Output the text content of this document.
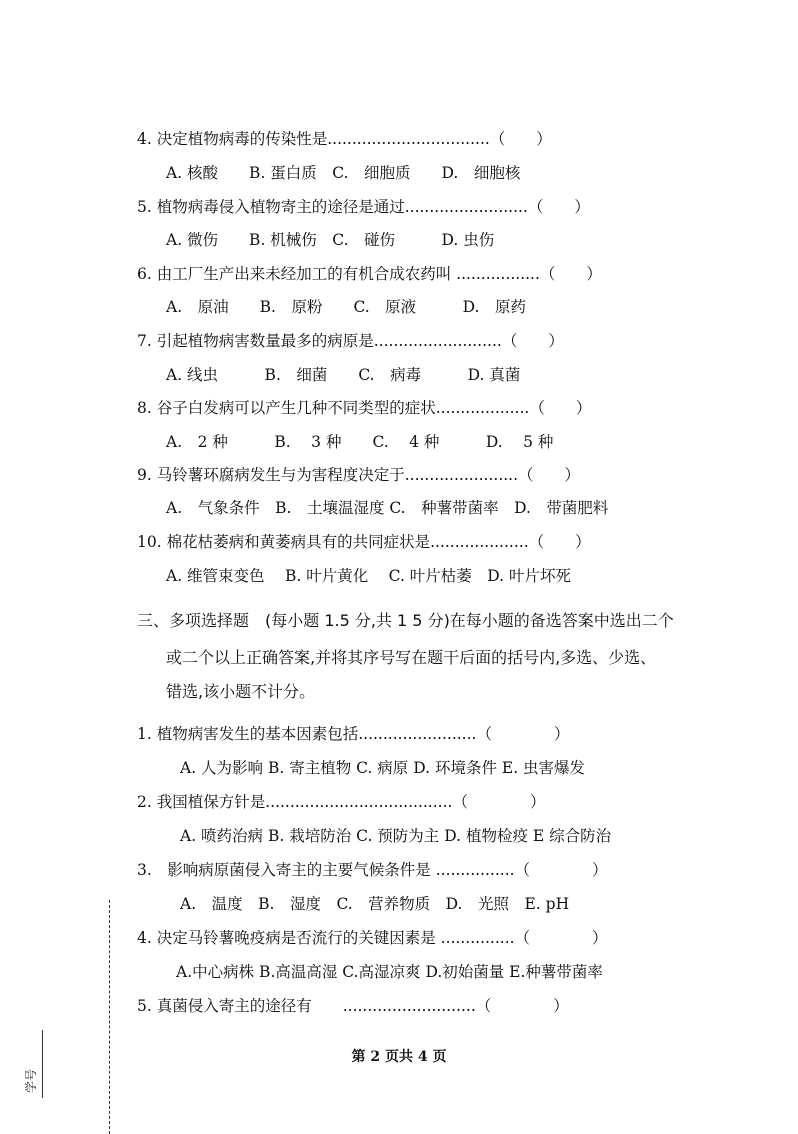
4. 决定植物病毒的传染性是.................................（　　）
A. 核酸　　B. 蛋白质　C.　细胞质　　D.　细胞核
5. 植物病毒侵入植物寄主的途径是通过.........................（　　）
A. 微伤　　B. 机械伤　C.　碰伤　　　D. 虫伤
6. 由工厂生产出来未经加工的有机合成农药叫 .................（　　）
A.　原油　　B.　原粉　　C.　原液　　　D.　原药
7. 引起植物病害数量最多的病原是..........................（　　）
A. 线虫　　　B.　细菌　　C.　病毒　　　D. 真菌
8. 谷子白发病可以产生几种不同类型的症状...................（　　）
A.　2 种　　　B.　 3 种　　C.　 4 种　　　D.　 5 种
9. 马铃薯环腐病发生与为害程度决定于.......................（　　）
A.　气象条件　B.　土壤温湿度 C.　种薯带菌率　D.　带菌肥料
10. 棉花枯萎病和黄萎病具有的共同症状是....................（　　）
A. 维管束变色　 B. 叶片黄化　 C. 叶片枯萎　D. 叶片坏死
三、多项选择题　(每小题 1.5 分,共 1 5 分)在每小题的备选答案中选出二个
或二个以上正确答案,并将其序号写在题干后面的括号内,多选、少选、
错选,该小题不计分。
1. 植物病害发生的基本因素包括........................（　　　　）
A. 人为影响 B. 寄主植物 C. 病原 D. 环境条件 E. 虫害爆发
2. 我国植保方针是......................................（　　　　）
A. 喷药治病 B. 栽培防治 C. 预防为主 D. 植物检疫 E 综合防治
3.　影响病原菌侵入寄主的主要气候条件是 ................（　　　　）
A.　温度　B.　湿度　C.　营养物质　D.　光照　E. pH
4. 决定马铃薯晚疫病是否流行的关键因素是 ...............（　　　　）
A.中心病株 B.高温高湿 C.高湿凉爽 D.初始菌量 E.种薯带菌率
5. 真菌侵入寄主的途径有　　...........................（　　　　）
第 2 页共 4 页
学号
